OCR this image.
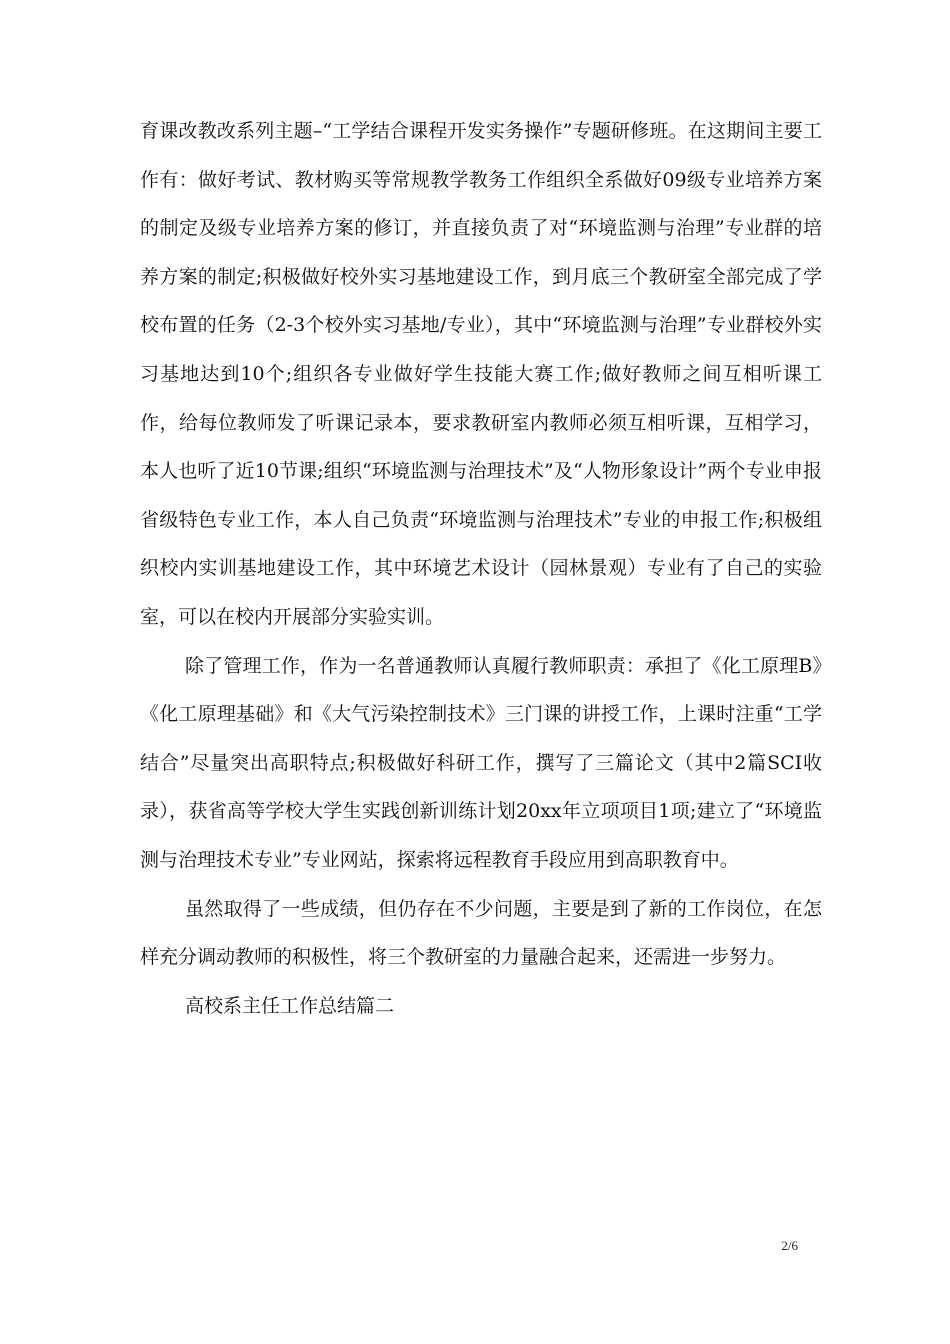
育课改教改系列主题–“工学结合课程开发实务操作”专题研修班。在这期间主要工作有：做好考试、教材购买等常规教学教务工作组织全系做好09级专业培养方案的制定及级专业培养方案的修订，并直接负责了对“环境监测与治理”专业群的培养方案的制定;积极做好校外实习基地建设工作，到月底三个教研室全部完成了学校布置的任务（2-3个校外实习基地/专业），其中“环境监测与治理”专业群校外实习基地达到10个;组织各专业做好学生技能大赛工作;做好教师之间互相听课工作，给每位教师发了听课记录本，要求教研室内教师必须互相听课，互相学习，本人也听了近10节课;组织“环境监测与治理技术”及“人物形象设计”两个专业申报省级特色专业工作，本人自己负责“环境监测与治理技术”专业的申报工作;积极组织校内实训基地建设工作，其中环境艺术设计（园林景观）专业有了自己的实验室，可以在校内开展部分实验实训。

除了管理工作，作为一名普通教师认真履行教师职责：承担了《化工原理B》《化工原理基础》和《大气污染控制技术》三门课的讲授工作，上课时注重“工学结合”尽量突出高职特点;积极做好科研工作，撰写了三篇论文（其中2篇SCI收录），获省高等学校大学生实践创新训练计划20xx年立项项目1项;建立了“环境监测与治理技术专业”专业网站，探索将远程教育手段应用到高职教育中。

虽然取得了一些成绩，但仍存在不少问题，主要是到了新的工作岗位，在怎样充分调动教师的积极性，将三个教研室的力量融合起来，还需进一步努力。

高校系主任工作总结篇二

2/6
